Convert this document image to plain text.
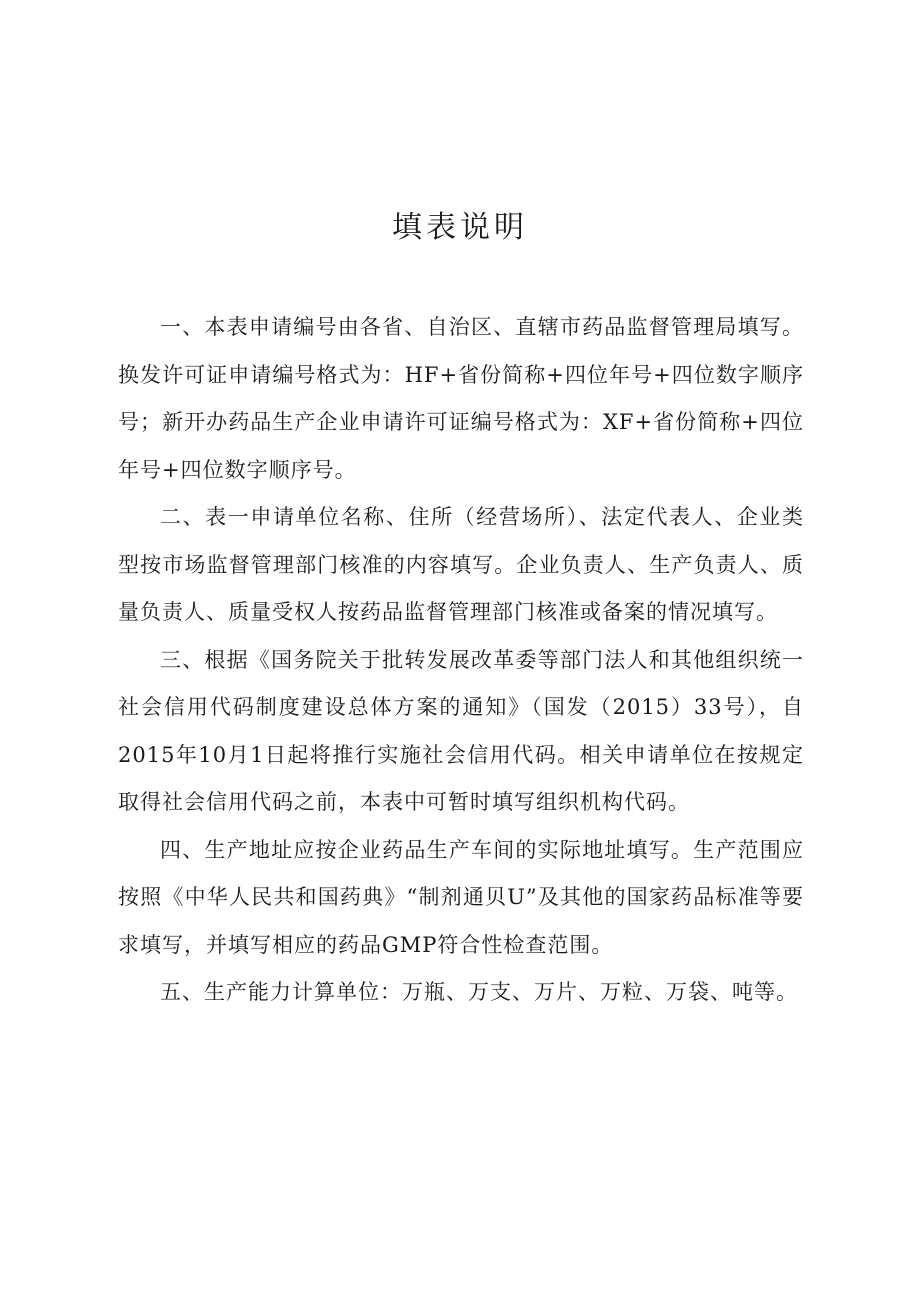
填表说明

一、本表申请编号由各省、自治区、直辖市药品监督管理局填写。换发许可证申请编号格式为：HF+省份简称+四位年号+四位数字顺序号；新开办药品生产企业申请许可证编号格式为：XF+省份简称+四位年号+四位数字顺序号。

二、表一申请单位名称、住所（经营场所）、法定代表人、企业类型按市场监督管理部门核准的内容填写。企业负责人、生产负责人、质量负责人、质量受权人按药品监督管理部门核准或备案的情况填写。

三、根据《国务院关于批转发展改革委等部门法人和其他组织统一社会信用代码制度建设总体方案的通知》（国发（2015）33号），自2015年10月1日起将推行实施社会信用代码。相关申请单位在按规定取得社会信用代码之前，本表中可暂时填写组织机构代码。

四、生产地址应按企业药品生产车间的实际地址填写。生产范围应按照《中华人民共和国药典》“制剂通贝U”及其他的国家药品标准等要求填写，并填写相应的药品GMP符合性检查范围。

五、生产能力计算单位：万瓶、万支、万片、万粒、万袋、吨等。
